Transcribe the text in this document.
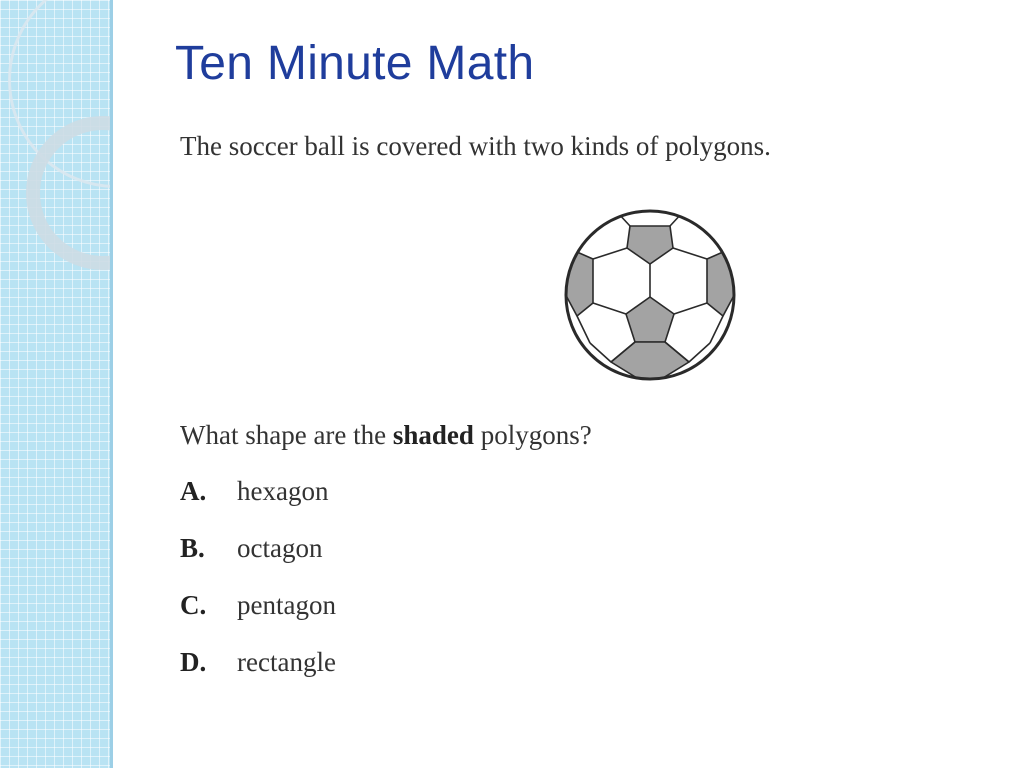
Ten Minute Math
The soccer ball is covered with two kinds of polygons.
What shape are the shaded polygons?
A. hexagon
B. octagon
C. pentagon
D. rectangle
